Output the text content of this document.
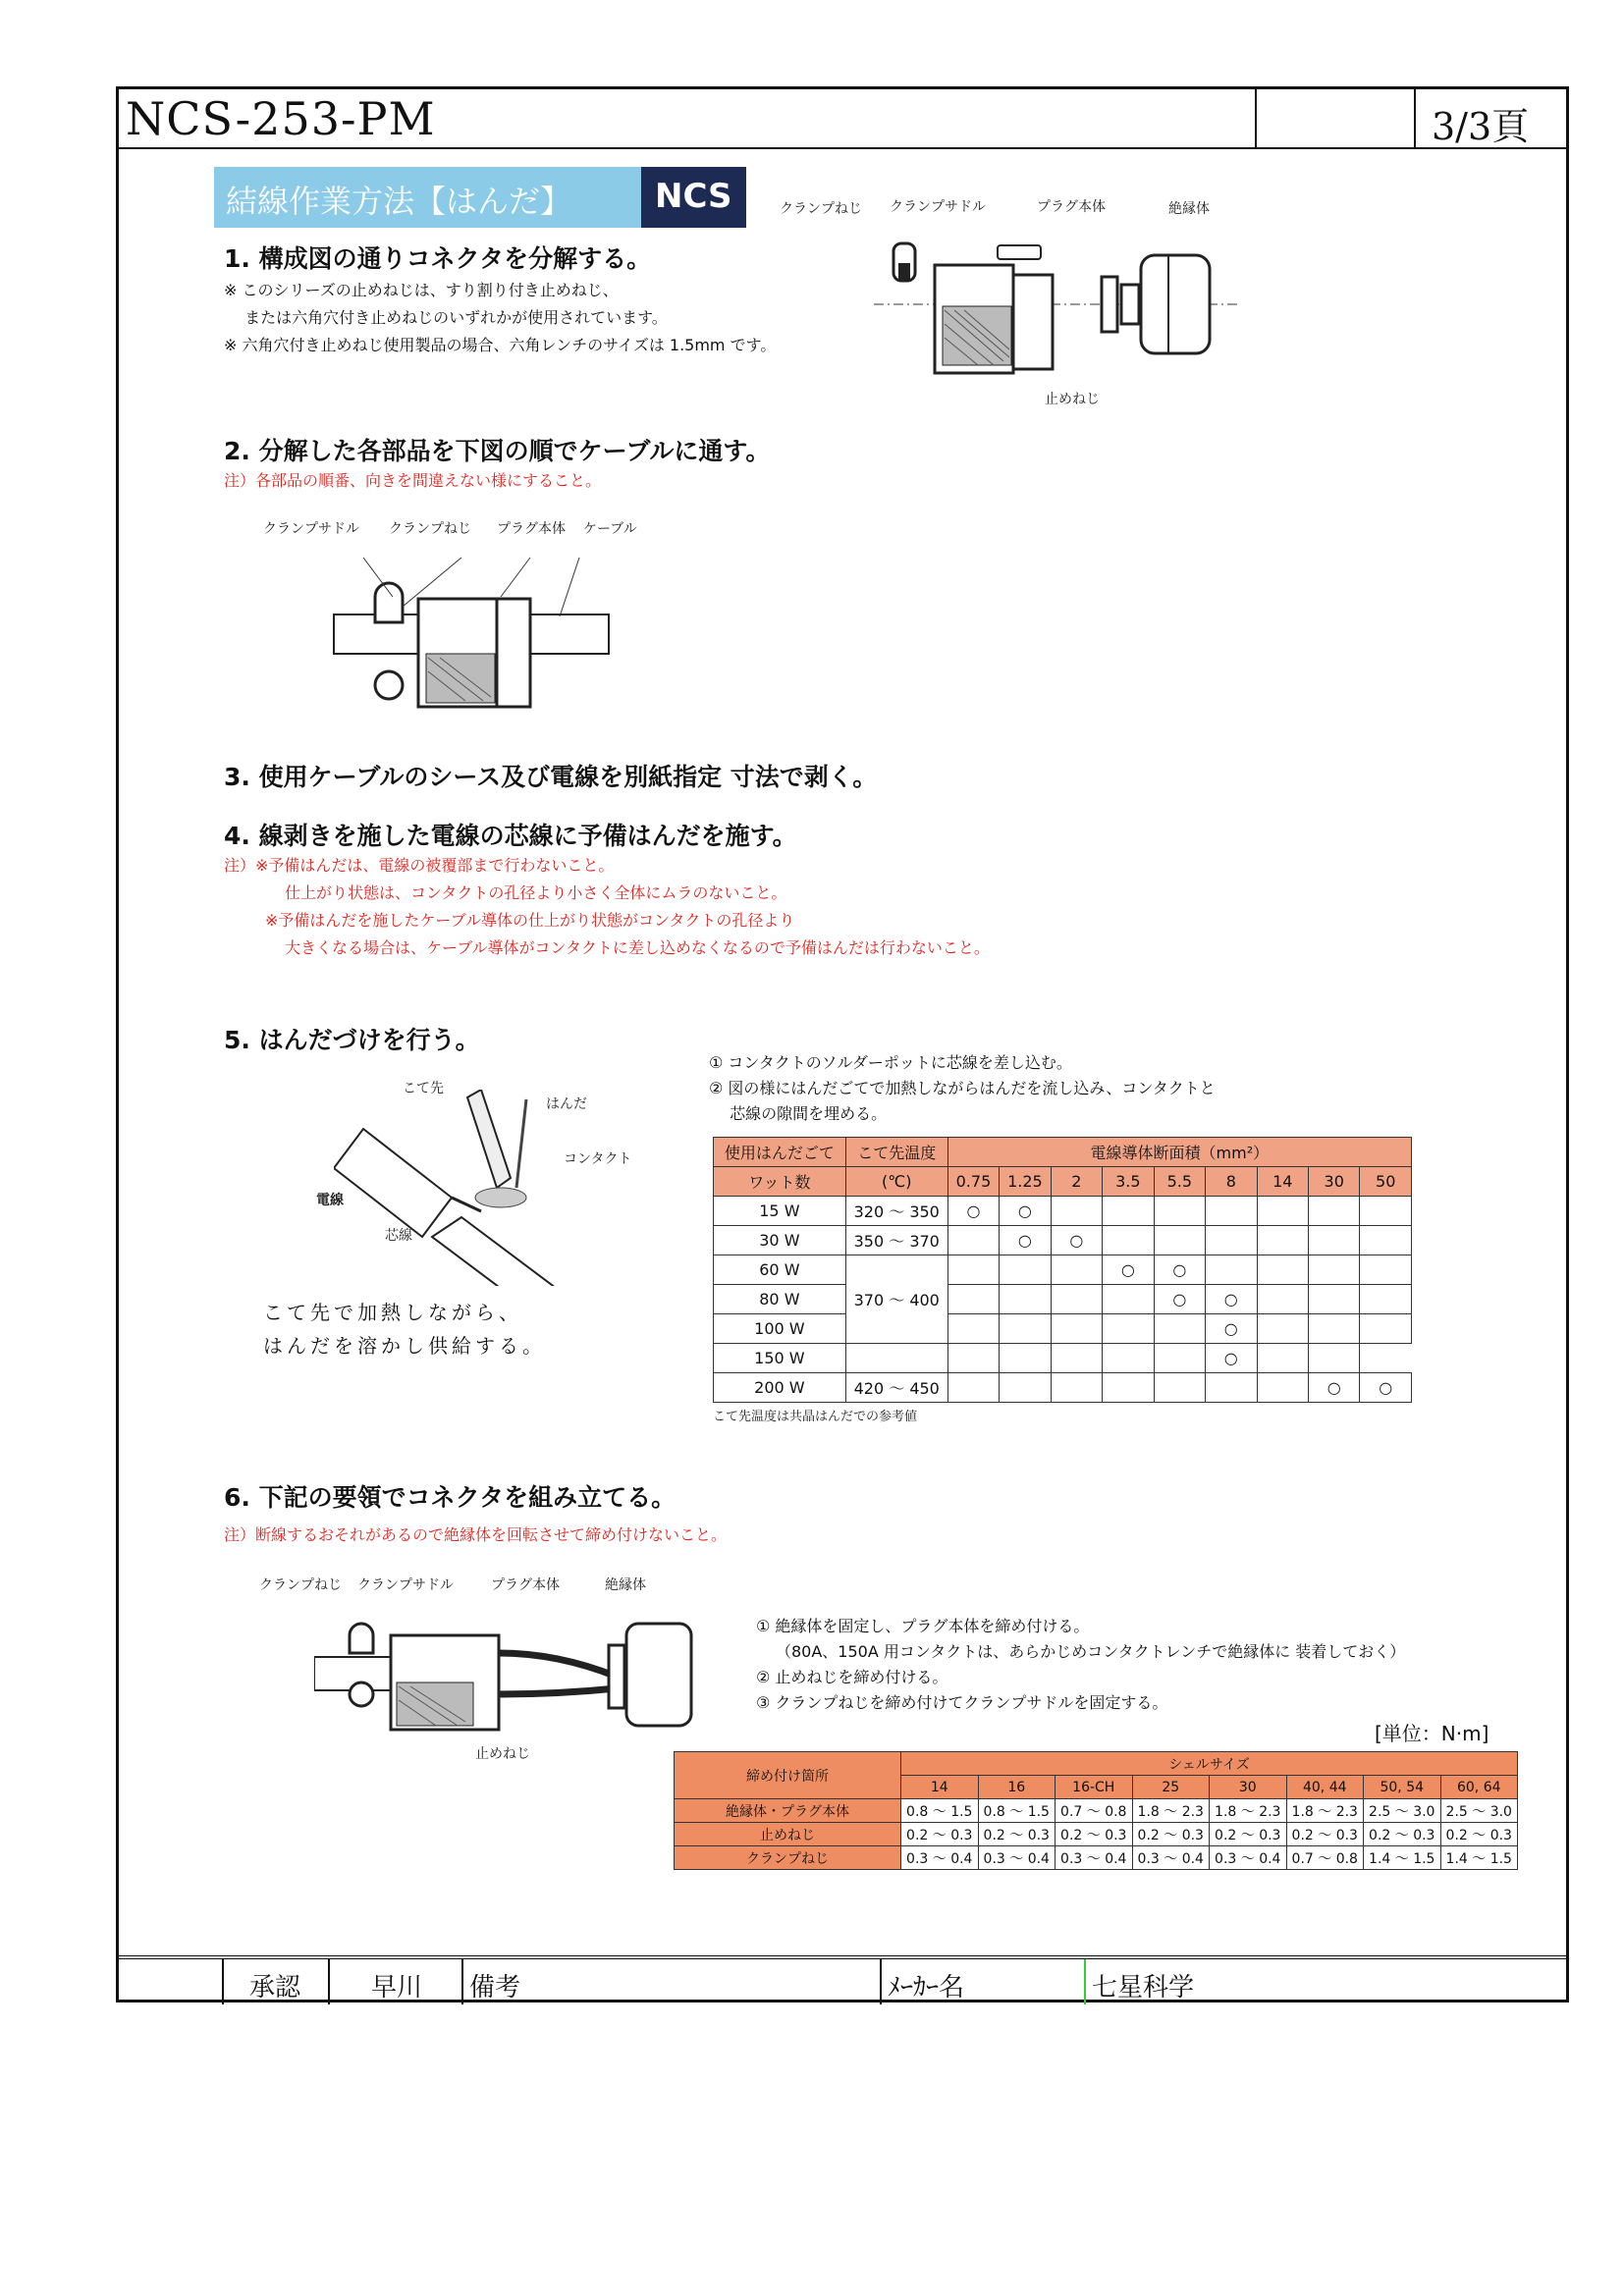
NCS-253-PM	3/3頁
結線作業方法【はんだ】	NCS
1. 構成図の通りコネクタを分解する。
※ このシリーズの止めねじは、すり割り付き止めねじ、
　 または六角穴付き止めねじのいずれかが使用されています。
※ 六角穴付き止めねじ使用製品の場合、六角レンチのサイズは 1.5mm です。
クランプねじ クランプサドル	プラグ本体	絶縁体
止めねじ
2. 分解した各部品を下図の順でケーブルに通す。
注）各部品の順番、向きを間違えない様にすること。
クランプサドル クランプねじ プラグ本体 ケーブル
3. 使用ケーブルのシース及び電線を別紙指定 寸法で剥く。
4. 線剥きを施した電線の芯線に予備はんだを施す。
注）※予備はんだは、電線の被覆部まで行わないこと。
仕上がり状態は、コンタクトの孔径より小さく全体にムラのないこと。
※予備はんだを施したケーブル導体の仕上がり状態がコンタクトの孔径より
大きくなる場合は、ケーブル導体がコンタクトに差し込めなくなるので予備はんだは行わないこと。
5. はんだづけを行う。
こて先
はんだ
コンタクト
電線
芯線
こて先で加熱しながら、
はんだを溶かし供給する。
① コンタクトのソルダーポットに芯線を差し込む。
② 図の様にはんだごてで加熱しながらはんだを流し込み、コンタクトと
　 芯線の隙間を埋める。
使用はんだごて	こて先温度	電線導体断面積（mm²）								
ワット数	(℃)	0.75	1.25	2	3.5	5.5	8	14	30	50
15 W	320 ～ 350	○	○							
30 W	350 ～ 370		○	○						
60 W	370 ～ 400				○	○				
80 W						○	○			
100 W							○			
150 W							○			
200 W	420 ～ 450								○	○
こて先温度は共晶はんだでの参考値
6. 下記の要領でコネクタを組み立てる。
注）断線するおそれがあるので絶縁体を回転させて締め付けないこと。
クランプねじ クランプサドル	プラグ本体	絶縁体
止めねじ
① 絶縁体を固定し、プラグ本体を締め付ける。
（80A、150A 用コンタクトは、あらかじめコンタクトレンチで絶縁体に 装着しておく）
② 止めねじを締め付ける。
③ クランプねじを締め付けてクランプサドルを固定する。
[単位：N·m]
締め付け箇所	シェルサイズ							
	14	16	16-CH	25	30	40, 44	50, 54	60, 64
絶縁体・プラグ本体	0.8 ～ 1.5	0.8 ～ 1.5	0.7 ～ 0.8	1.8 ～ 2.3	1.8 ～ 2.3	1.8 ～ 2.3	2.5 ～ 3.0	2.5 ～ 3.0
止めねじ	0.2 ～ 0.3	0.2 ～ 0.3	0.2 ～ 0.3	0.2 ～ 0.3	0.2 ～ 0.3	0.2 ～ 0.3	0.2 ～ 0.3	0.2 ～ 0.3
クランプねじ	0.3 ～ 0.4	0.3 ～ 0.4	0.3 ～ 0.4	0.3 ～ 0.4	0.3 ～ 0.4	0.7 ～ 0.8	1.4 ～ 1.5	1.4 ～ 1.5
承認	早川 備考	ﾒｰｶｰ名	七星科学
